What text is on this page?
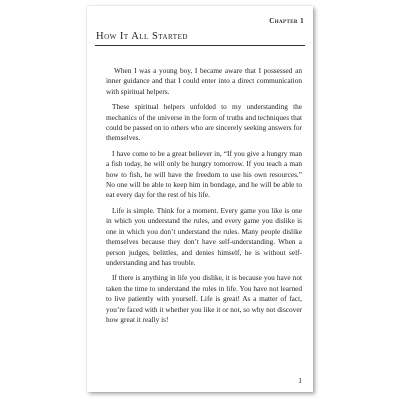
Chapter 1
How It All Started

When I was a young boy, I became aware that I possessed an inner guidance and that I could enter into a direct communication with spiritual helpers.

These spiritual helpers unfolded to my understanding the mechanics of the universe in the form of truths and techniques that could be passed on to others who are sincerely seeking answers for themselves.

I have come to be a great believer in, “If you give a hungry man a fish today, he will only be hungry tomorrow. If you teach a man how to fish, he will have the freedom to use his own resources.” No one will be able to keep him in bondage, and he will be able to eat every day for the rest of his life.

Life is simple. Think for a moment. Every game you like is one in which you understand the rules, and every game you dislike is one in which you don’t understand the rules. Many people dislike themselves because they don’t have self-understanding. When a person judges, belittles, and denies himself, he is without self-understanding and has trouble.

If there is anything in life you dislike, it is because you have not taken the time to understand the rules in life. You have not learned to live patiently with yourself. Life is great! As a matter of fact, you’re faced with it whether you like it or not, so why not discover how great it really is!

1
